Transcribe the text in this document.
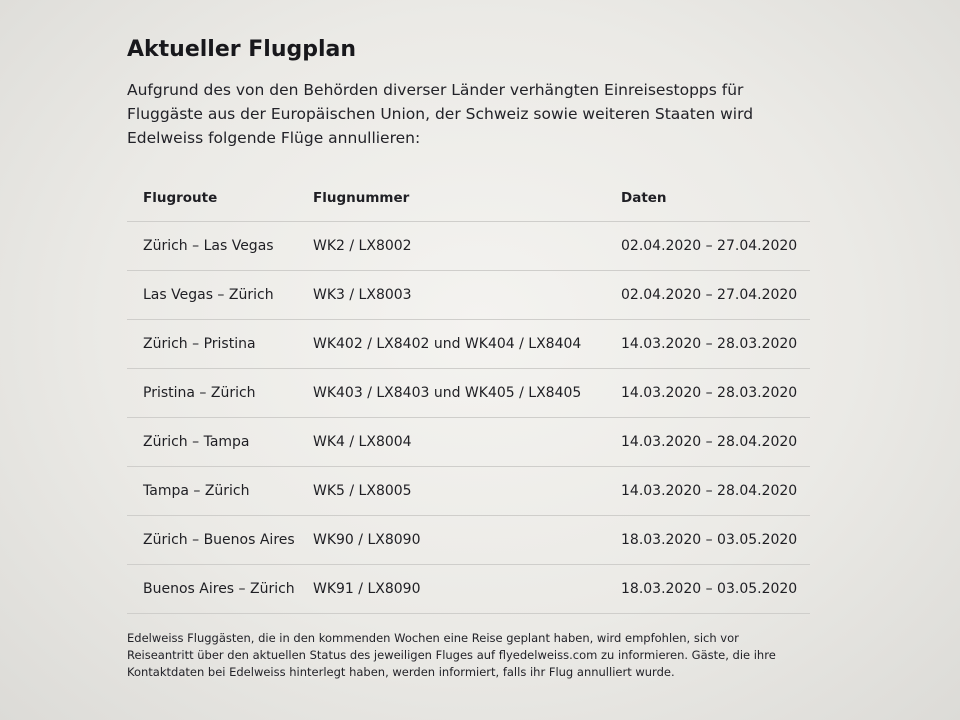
Aktueller Flugplan

Aufgrund des von den Behörden diverser Länder verhängten Einreisestopps für Fluggäste aus der Europäischen Union, der Schweiz sowie weiteren Staaten wird Edelweiss folgende Flüge annullieren:

Flugroute	Flugnummer	Daten
Zürich – Las Vegas	WK2 / LX8002	02.04.2020 – 27.04.2020
Las Vegas – Zürich	WK3 / LX8003	02.04.2020 – 27.04.2020
Zürich – Pristina	WK402 / LX8402 und WK404 / LX8404	14.03.2020 – 28.03.2020
Pristina – Zürich	WK403 / LX8403 und WK405 / LX8405	14.03.2020 – 28.03.2020
Zürich – Tampa	WK4 / LX8004	14.03.2020 – 28.04.2020
Tampa – Zürich	WK5 / LX8005	14.03.2020 – 28.04.2020
Zürich – Buenos Aires	WK90 / LX8090	18.03.2020 – 03.05.2020
Buenos Aires – Zürich	WK91 / LX8090	18.03.2020 – 03.05.2020

Edelweiss Fluggästen, die in den kommenden Wochen eine Reise geplant haben, wird empfohlen, sich vor Reiseantritt über den aktuellen Status des jeweiligen Fluges auf flyedelweiss.com zu informieren. Gäste, die ihre Kontaktdaten bei Edelweiss hinterlegt haben, werden informiert, falls ihr Flug annulliert wurde.
